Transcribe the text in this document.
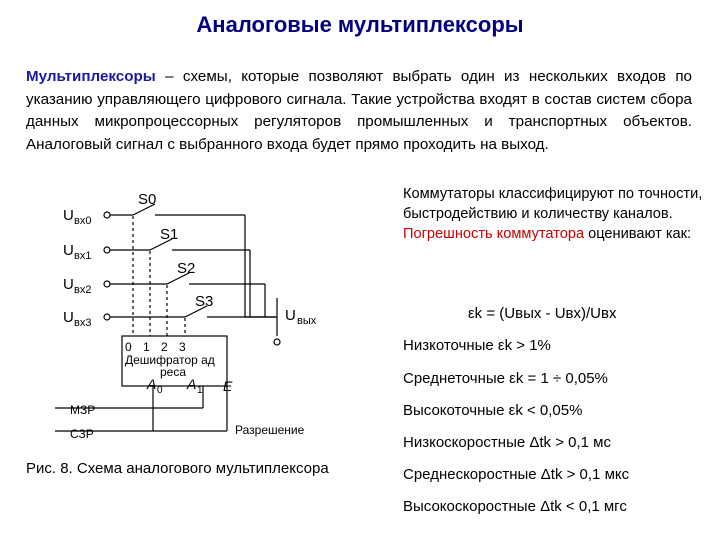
Аналоговые мультиплексоры
Мультиплексоры – схемы, которые позволяют выбрать один из нескольких входов по указанию управляющего цифрового сигнала. Такие устройства входят в состав систем сбора данных микропроцессорных регуляторов промышленных и транспортных объектов. Аналоговый сигнал с выбранного входа будет прямо проходить на выход.
Коммутаторы классифицируют по точности, быстродействию и количеству каналов. Погрешность коммутатора оценивают как:
εk = (Uвых - Uвх)/Uвх
Низкоточные εk > 1%
Среднеточные εk = 1 ÷ 0,05%
Высокоточные εk < 0,05%
Низкоскоростные Δtk > 0,1 мс
Среднескоростные Δtk > 0,1 мкс
Высокоскоростные Δtk < 0,1 мгс
Рис. 8. Схема аналогового мультиплексора
U вх0
U вх1
U вх2
U вх3
S0
S1
S2
S3
U вых
0 1 2 3
Дешифратор ад
реса
A 0 A 1 E
МЗР
СЗР	Разрешение
